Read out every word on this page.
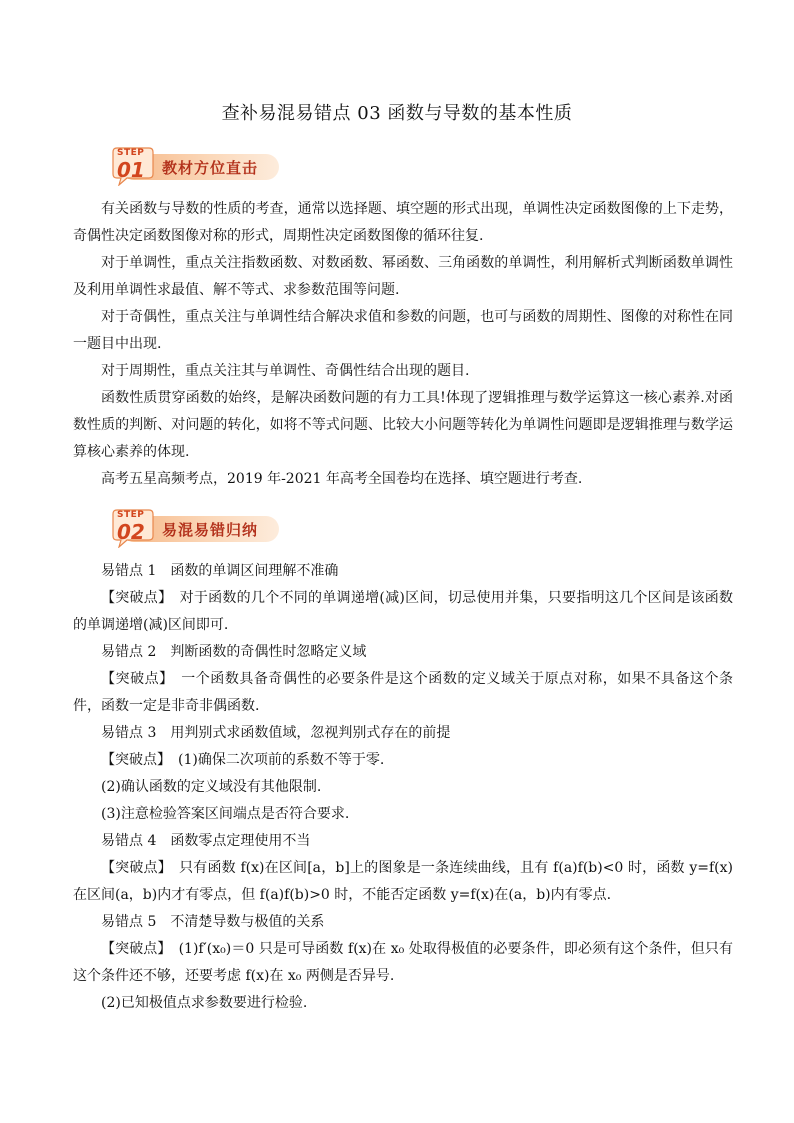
查补易混易错点 03 函数与导数的基本性质
STEP
01 教材方位直击

有关函数与导数的性质的考查，通常以选择题、填空题的形式出现，单调性决定函数图像的上下走势，奇偶性决定函数图像对称的形式，周期性决定函数图像的循环往复.

对于单调性，重点关注指数函数、对数函数、幂函数、三角函数的单调性，利用解析式判断函数单调性及利用单调性求最值、解不等式、求参数范围等问题.

对于奇偶性，重点关注与单调性结合解决求值和参数的问题，也可与函数的周期性、图像的对称性在同一题目中出现.

对于周期性，重点关注其与单调性、奇偶性结合出现的题目.

函数性质贯穿函数的始终，是解决函数问题的有力工具!体现了逻辑推理与数学运算这一核心素养.对函数性质的判断、对问题的转化，如将不等式问题、比较大小问题等转化为单调性问题即是逻辑推理与数学运算核心素养的体现.

高考五星高频考点，2019 年-2021 年高考全国卷均在选择、填空题进行考查.

STEP
02 易混易错归纳

易错点 1　函数的单调区间理解不准确

【突破点】　对于函数的几个不同的单调递增(减)区间，切忌使用并集，只要指明这几个区间是该函数的单调递增(减)区间即可.

易错点 2　判断函数的奇偶性时忽略定义域

【突破点】　一个函数具备奇偶性的必要条件是这个函数的定义域关于原点对称，如果不具备这个条件，函数一定是非奇非偶函数.

易错点 3　用判别式求函数值域，忽视判别式存在的前提

【突破点】　(1)确保二次项前的系数不等于零.

(2)确认函数的定义域没有其他限制.

(3)注意检验答案区间端点是否符合要求.

易错点 4　函数零点定理使用不当

【突破点】　只有函数 f(x)在区间[a，b]上的图象是一条连续曲线，且有 f(a)f(b)<0 时，函数 y=f(x)在区间(a，b)内才有零点，但 f(a)f(b)>0 时，不能否定函数 y=f(x)在(a，b)内有零点.

易错点 5　不清楚导数与极值的关系

【突破点】　(1)f′(x₀)＝0 只是可导函数 f(x)在 x₀ 处取得极值的必要条件，即必须有这个条件，但只有这个条件还不够，还要考虑 f(x)在 x₀ 两侧是否异号.

(2)已知极值点求参数要进行检验.
